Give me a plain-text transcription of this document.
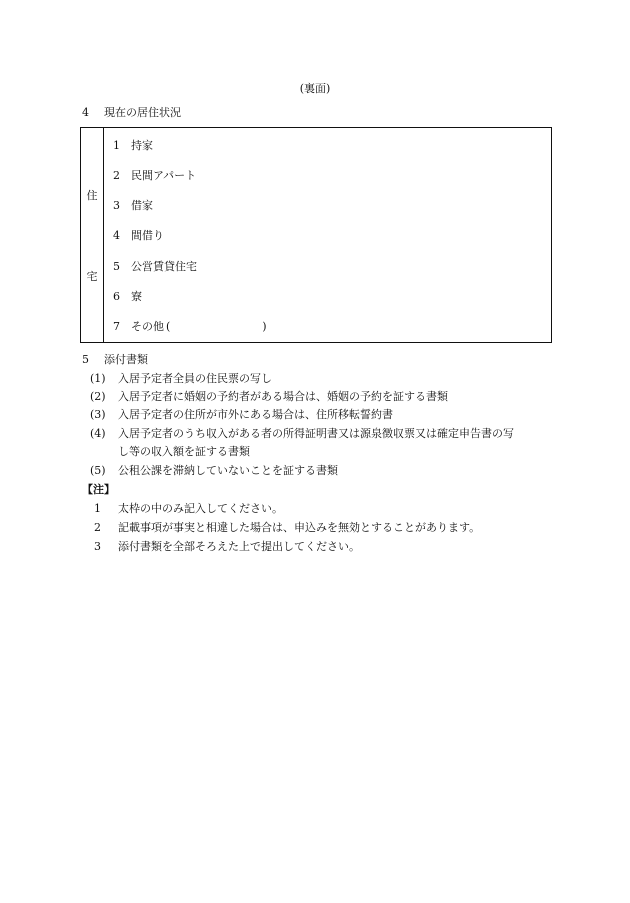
(裏面)
4 現在の居住状況
住
宅
1 持家
2 民間アパート
3 借家
4 間借り
5 公営賃貸住宅
6 寮
7 その他 (	)
5 添付書類
(1) 入居予定者全員の住民票の写し
(2) 入居予定者に婚姻の予約者がある場合は、婚姻の予約を証する書類
(3) 入居予定者の住所が市外にある場合は、住所移転誓約書
(4) 入居予定者のうち収入がある者の所得証明書又は源泉徴収票又は確定申告書の写
し等の収入額を証する書類
(5) 公租公課を滞納していないことを証する書類
【注】
1 太枠の中のみ記入してください。
2 記載事項が事実と相違した場合は、申込みを無効とすることがあります。
3 添付書類を全部そろえた上で提出してください。
